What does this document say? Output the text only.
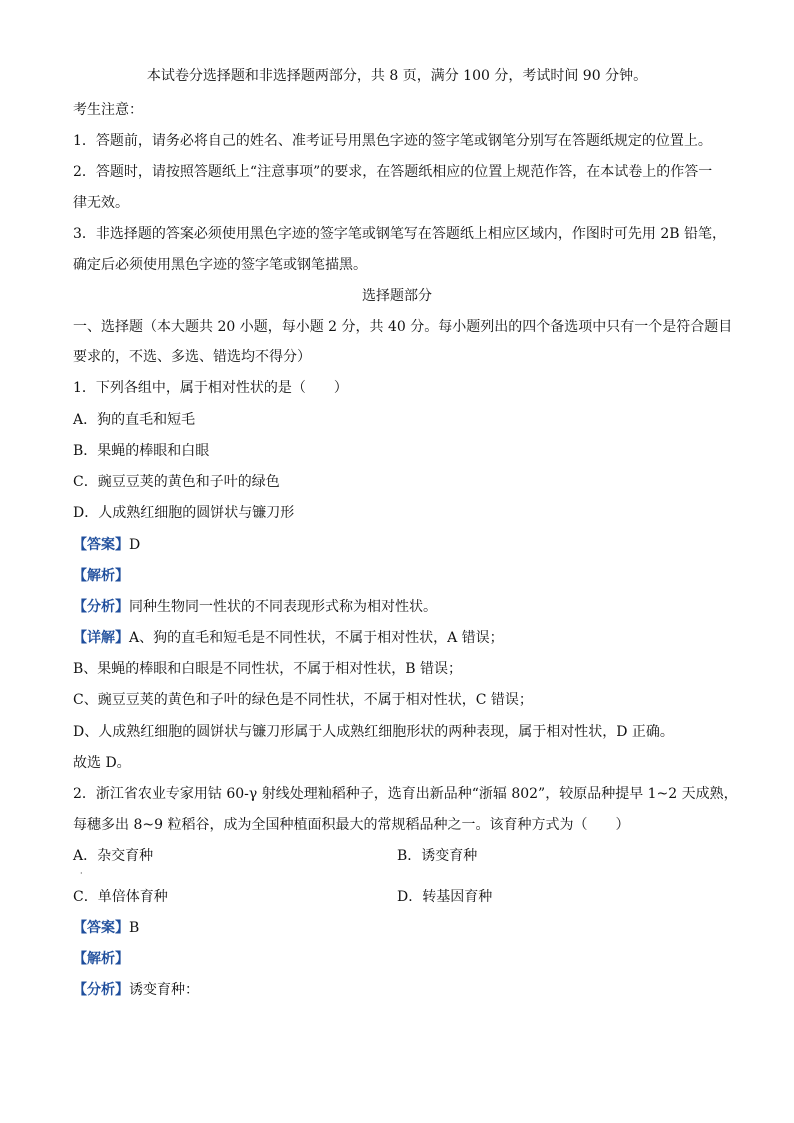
本试卷分选择题和非选择题两部分，共 8 页，满分 100 分，考试时间 90 分钟。
考生注意：
1．答题前，请务必将自己的姓名、准考证号用黑色字迹的签字笔或钢笔分别写在答题纸规定的位置上。
2．答题时，请按照答题纸上“注意事项”的要求，在答题纸相应的位置上规范作答，在本试卷上的作答一
律无效。
3．非选择题的答案必须使用黑色字迹的签字笔或钢笔写在答题纸上相应区域内，作图时可先用 2B 铅笔，
确定后必须使用黑色字迹的签字笔或钢笔描黑。
选择题部分
一、选择题（本大题共 20 小题，每小题 2 分，共 40 分。每小题列出的四个备选项中只有一个是符合题目
要求的，不选、多选、错选均不得分）
1．下列各组中，属于相对性状的是（　　）
A．狗的直毛和短毛
B．果蝇的棒眼和白眼
C．豌豆豆荚的黄色和子叶的绿色
D．人成熟红细胞的圆饼状与镰刀形
【答案】D
【解析】
【分析】同种生物同一性状的不同表现形式称为相对性状。
【详解】A、狗的直毛和短毛是不同性状，不属于相对性状，A 错误；
B、果蝇的棒眼和白眼是不同性状，不属于相对性状，B 错误；
C、豌豆豆荚的黄色和子叶的绿色是不同性状，不属于相对性状，C 错误；
D、人成熟红细胞的圆饼状与镰刀形属于人成熟红细胞形状的两种表现，属于相对性状，D 正确。
故选 D。
2．浙江省农业专家用钴 60-γ 射线处理籼稻种子，选育出新品种“浙辐 802”，较原品种提早 1~2 天成熟，
每穗多出 8~9 粒稻谷，成为全国种植面积最大的常规稻品种之一。该育种方式为（　　）
A．杂交育种	B．诱变育种
·
C．单倍体育种	D．转基因育种
【答案】B
【解析】
【分析】诱变育种：
